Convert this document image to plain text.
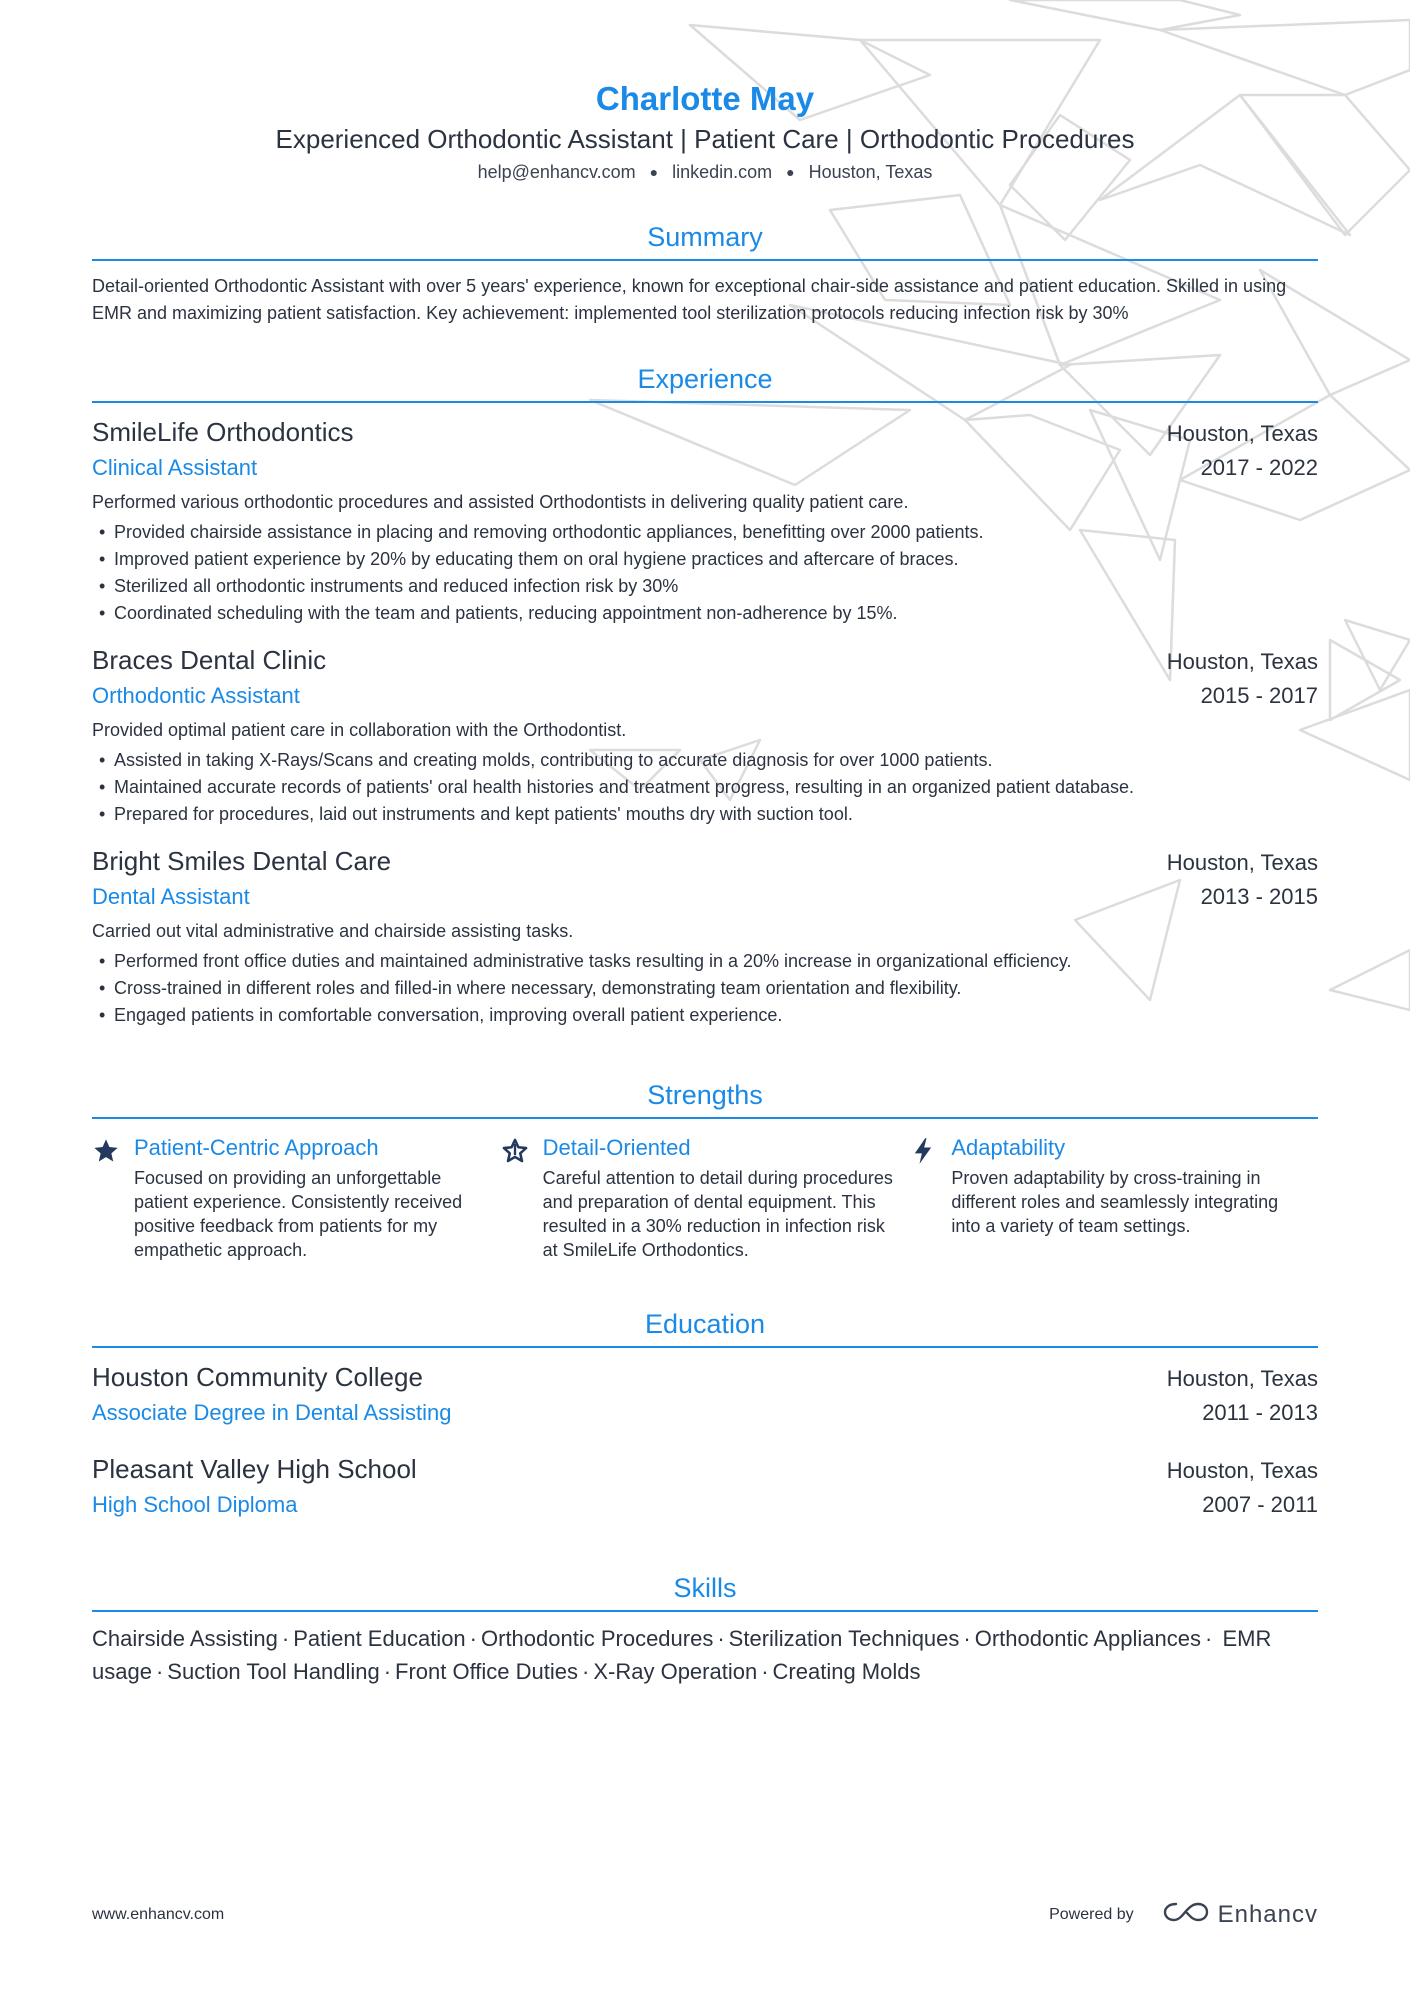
Charlotte May
Experienced Orthodontic Assistant | Patient Care | Orthodontic Procedures
help@enhancv.com ● linkedin.com ● Houston, Texas
Summary
Detail-oriented Orthodontic Assistant with over 5 years' experience, known for exceptional chair-side assistance and patient education. Skilled in using EMR and maximizing patient satisfaction. Key achievement: implemented tool sterilization protocols reducing infection risk by 30%
Experience
SmileLife Orthodontics	Houston, Texas
Clinical Assistant	2017 - 2022
Performed various orthodontic procedures and assisted Orthodontists in delivering quality patient care.
• Provided chairside assistance in placing and removing orthodontic appliances, benefitting over 2000 patients.
• Improved patient experience by 20% by educating them on oral hygiene practices and aftercare of braces.
• Sterilized all orthodontic instruments and reduced infection risk by 30%
• Coordinated scheduling with the team and patients, reducing appointment non-adherence by 15%.
Braces Dental Clinic	Houston, Texas
Orthodontic Assistant	2015 - 2017
Provided optimal patient care in collaboration with the Orthodontist.
• Assisted in taking X-Rays/Scans and creating molds, contributing to accurate diagnosis for over 1000 patients.
• Maintained accurate records of patients' oral health histories and treatment progress, resulting in an organized patient database.
• Prepared for procedures, laid out instruments and kept patients' mouths dry with suction tool.
Bright Smiles Dental Care	Houston, Texas
Dental Assistant	2013 - 2015
Carried out vital administrative and chairside assisting tasks.
• Performed front office duties and maintained administrative tasks resulting in a 20% increase in organizational efficiency.
• Cross-trained in different roles and filled-in where necessary, demonstrating team orientation and flexibility.
• Engaged patients in comfortable conversation, improving overall patient experience.
Strengths
Patient-Centric Approach
Focused on providing an unforgettable patient experience. Consistently received positive feedback from patients for my empathetic approach.
Detail-Oriented
Careful attention to detail during procedures and preparation of dental equipment. This resulted in a 30% reduction in infection risk at SmileLife Orthodontics.
Adaptability
Proven adaptability by cross-training in different roles and seamlessly integrating into a variety of team settings.
Education
Houston Community College	Houston, Texas
Associate Degree in Dental Assisting	2011 - 2013
Pleasant Valley High School	Houston, Texas
High School Diploma	2007 - 2011
Skills
Chairside Assisting · Patient Education · Orthodontic Procedures · Sterilization Techniques · Orthodontic Appliances · EMR usage · Suction Tool Handling · Front Office Duties · X-Ray Operation · Creating Molds
www.enhancv.com	Powered by	Enhancv
